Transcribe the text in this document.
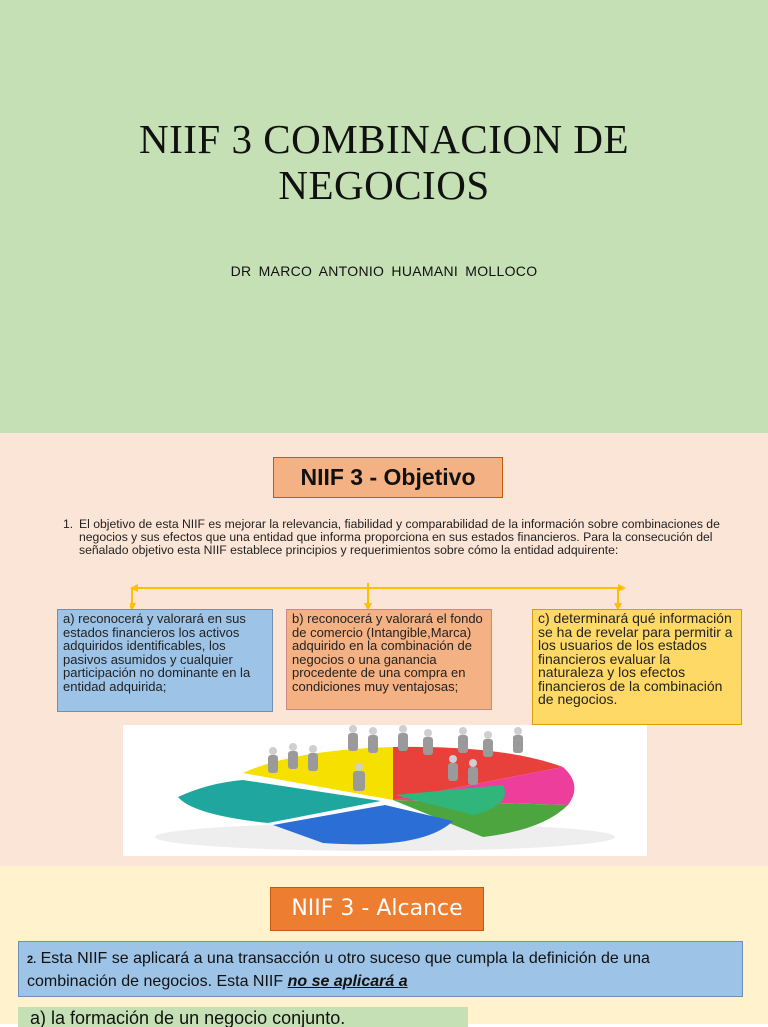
NIIF 3 COMBINACION DE
NEGOCIOS
DR MARCO ANTONIO HUAMANI MOLLOCO
NIIF 3 - Objetivo
1. El objetivo de esta NIIF es mejorar la relevancia, fiabilidad y comparabilidad de la información sobre combinaciones de negocios y sus efectos que una entidad que informa proporciona en sus estados financieros. Para la consecución del señalado objetivo esta NIIF establece principios y requerimientos sobre cómo la entidad adquirente:
a) reconocerá y valorará en sus estados financieros los activos adquiridos identificables, los pasivos asumidos y cualquier participación no dominante en la entidad adquirida;
b) reconocerá y valorará el fondo de comercio (Intangible,Marca) adquirido en la combinación de negocios o una ganancia procedente de una compra en condiciones muy ventajosas;
c) determinará qué información se ha de revelar para permitir a los usuarios de los estados financieros evaluar la naturaleza y los efectos financieros de la combinación de negocios.
NIIF 3 - Alcance
2. Esta NIIF se aplicará a una transacción u otro suceso que cumpla la definición de una combinación de negocios. Esta NIIF no se aplicará a
a) la formación de un negocio conjunto.
